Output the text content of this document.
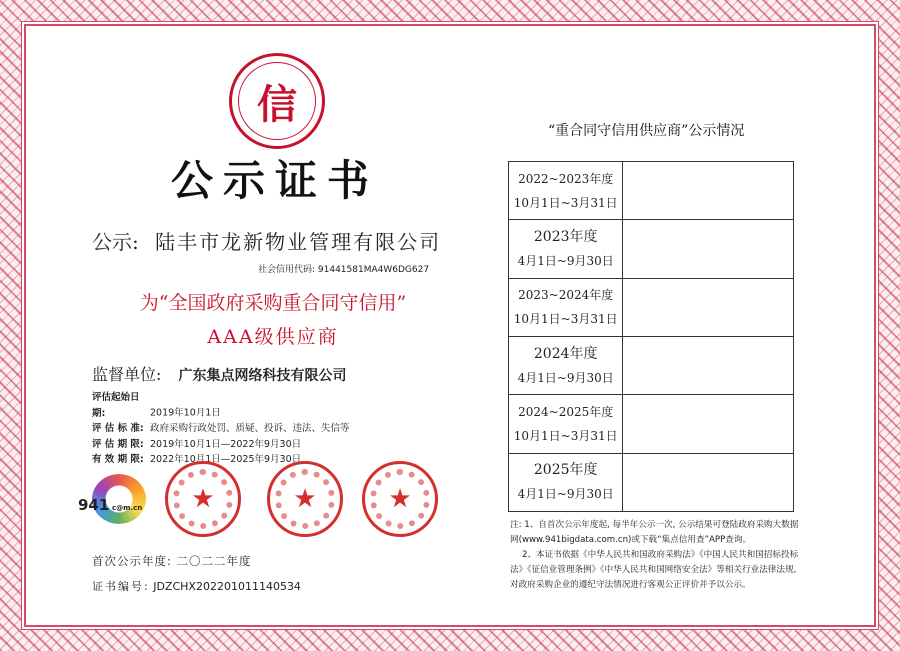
信
公示证书
公示: 陆丰市龙新物业管理有限公司
社会信用代码: 91441581MA4W6DG627
为“全国政府采购重合同守信用”
AAA级供应商
监督单位: 广东集点网络科技有限公司
评估起始日期:	2019年10月1日
评 估 标 准: 政府采购行政处罚、质疑、投诉、违法、失信等
评 估 期 限: 2019年10月1日—2022年9月30日
有 效 期 限: 2022年10月1日—2025年9月30日
941 c@m.cn	★	★	★
首次公示年度: 二〇二二年度
证书编号: JDZCHX202201011140534
“重合同守信用供应商”公示情况
2022~2023年度
10月1日~3月31日	

2023年度
4月1日~9月30日	

2023~2024年度
10月1日~3月31日	

2024年度
4月1日~9月30日	

2024~2025年度
10月1日~3月31日	

2025年度
4月1日~9月30日	

注: 1、自首次公示年度起, 每半年公示一次, 公示结果可登陆政府采购大数据网(www.941bigdata.com.cn)或下载“集点信用查”APP查询。
2、本证书依据《中华人民共和国政府采购法》《中国人民共和国招标投标法》《征信业管理条例》《中华人民共和国网络安全法》等相关行业法律法规, 对政府采购企业的遵纪守法情况进行客观公正评价并予以公示。
